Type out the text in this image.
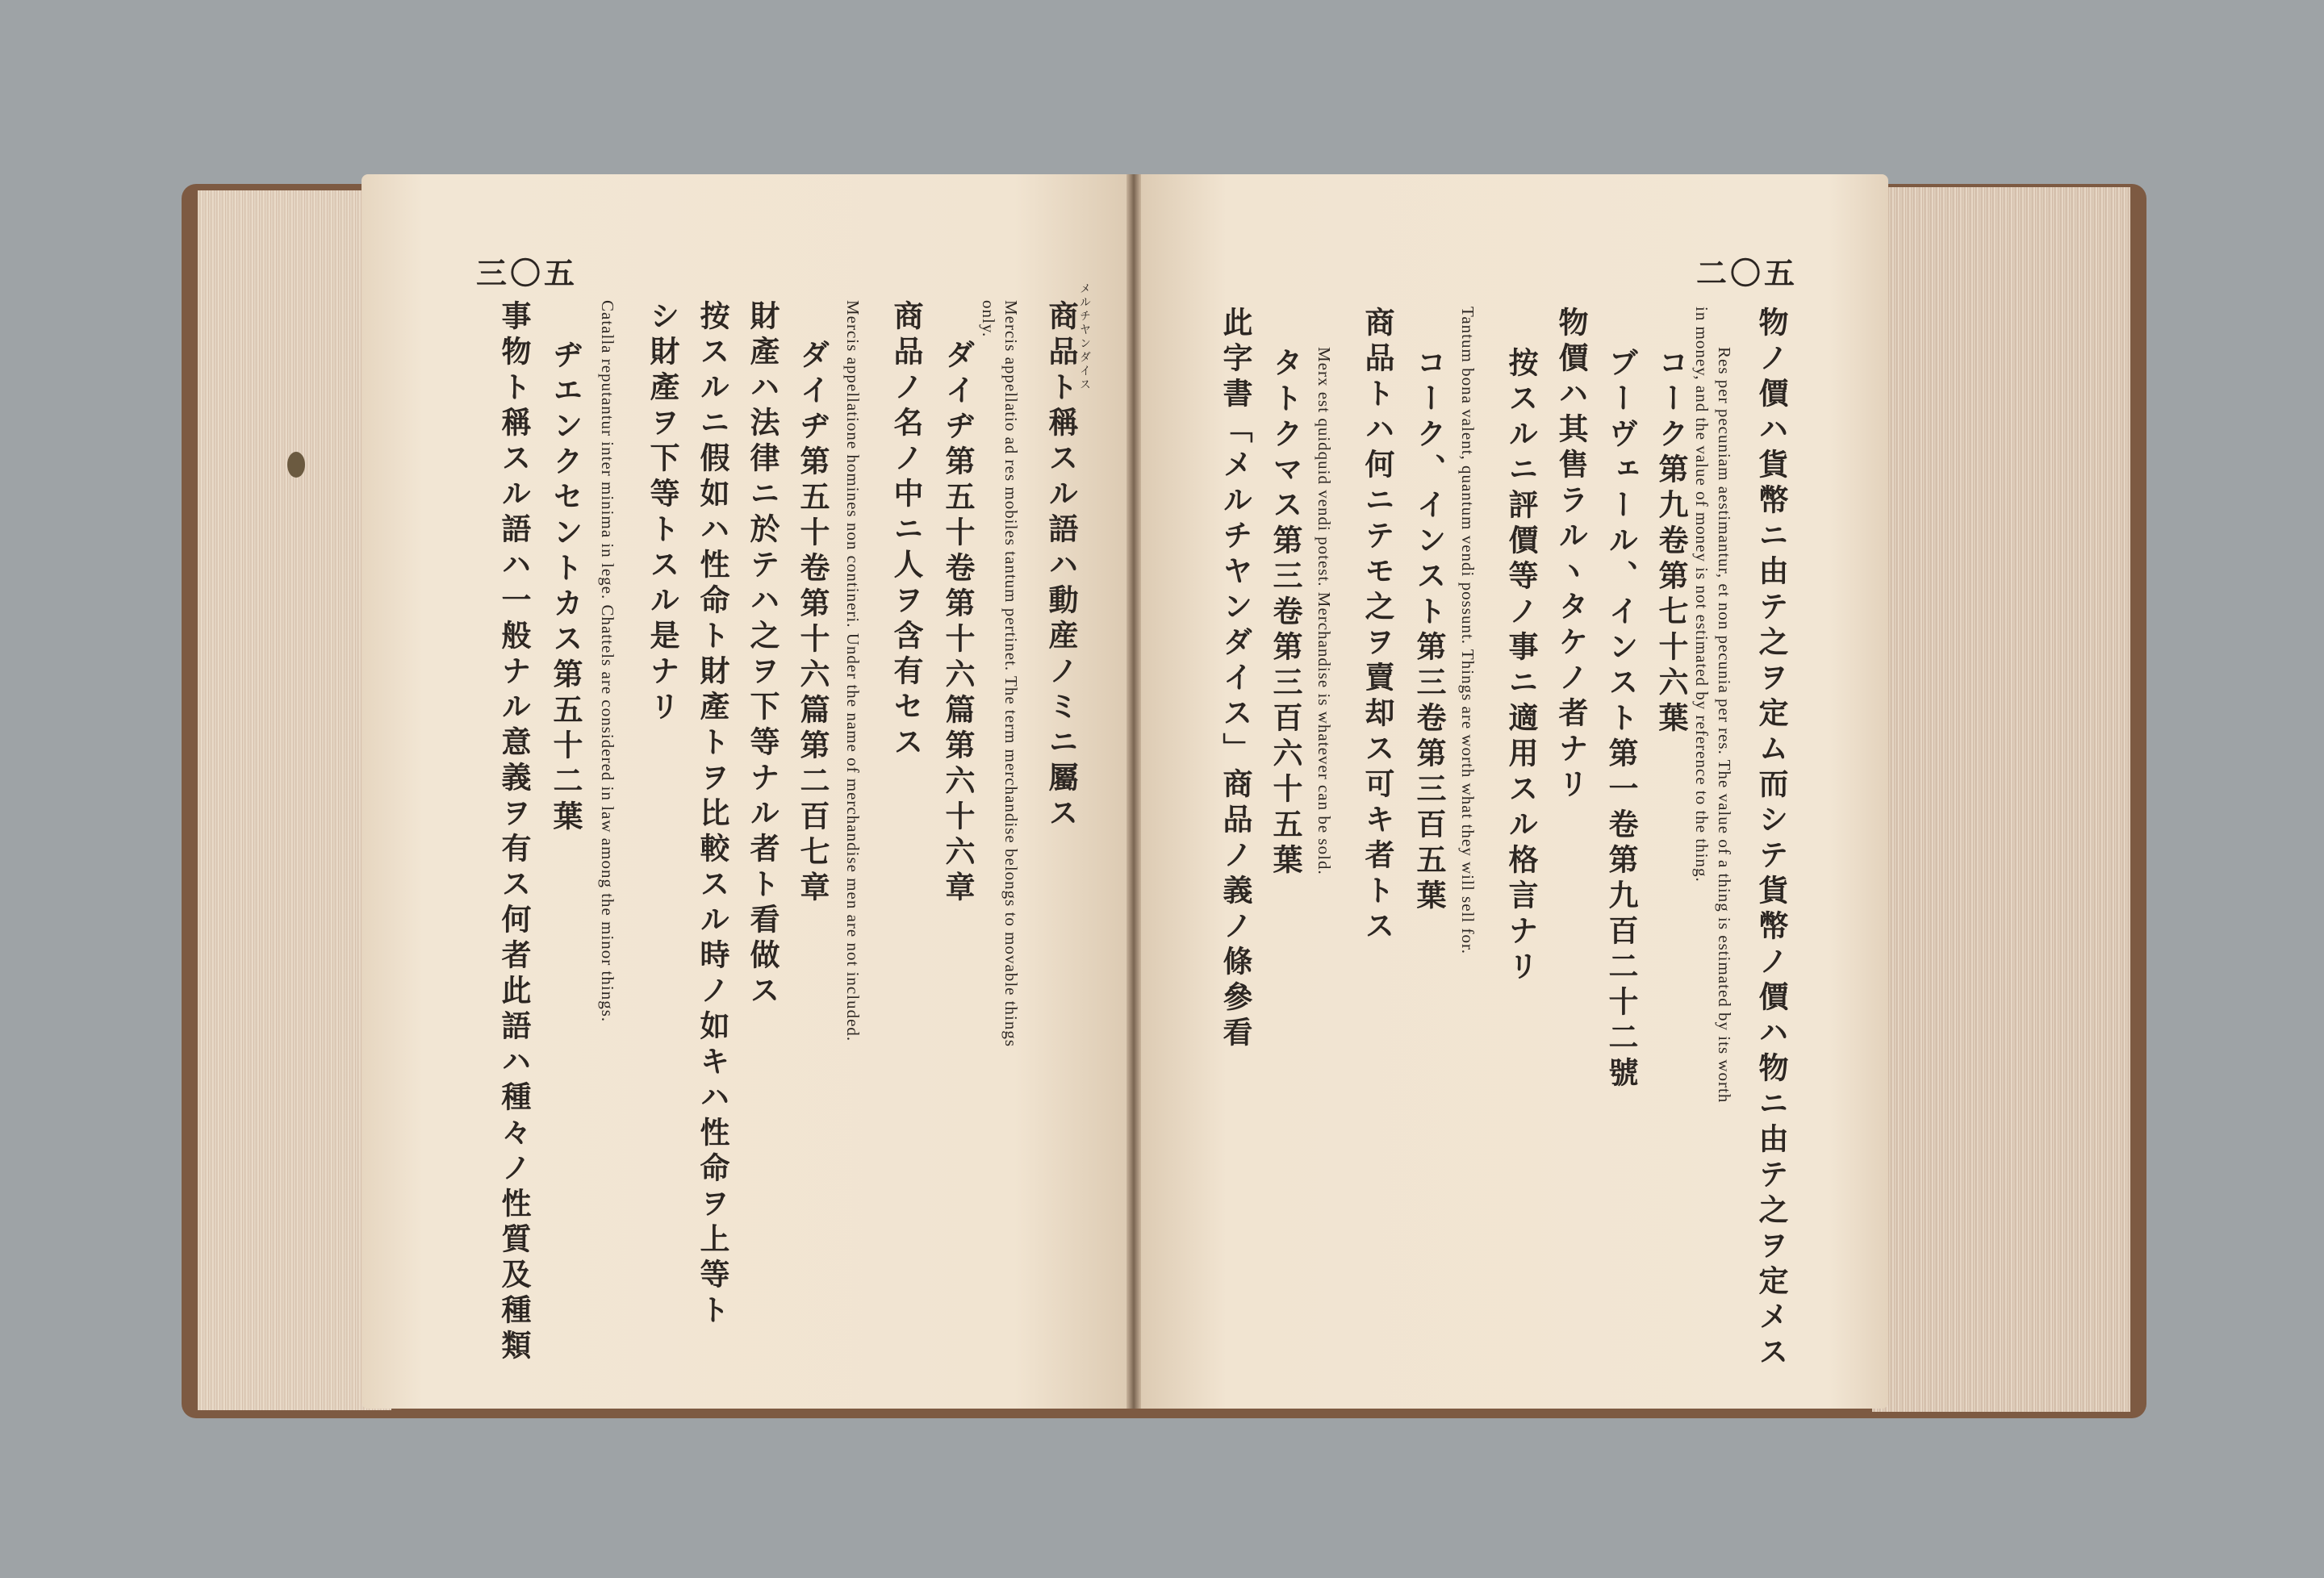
三〇五	二〇五
メルチヤンダイス
商品ト稱スル語ハ動産ノミニ屬ス
Mercis appellatio ad res mobiles tantum pertinet. The term merchandise belongs to movable things
only.
ダイヂ第五十卷第十六篇第六十六章
商品ノ名ノ中ニ人ヲ含有セス
Mercis appellatione homines non contineri. Under the name of merchandise men are not included.
ダイヂ第五十卷第十六篇第二百七章
財產ハ法律ニ於テハ之ヲ下等ナル者ト看做ス
按スルニ假如ハ性命ト財產トヲ比較スル時ノ如キハ性命ヲ上等ト
シ財產ヲ下等トスル是ナリ
Catalla reputantur inter minima in lege. Chattels are considered in law among the minor things.
ヂエンクセントカス第五十二葉
事物ト稱スル語ハ一般ナル意義ヲ有ス何者此語ハ種々ノ性質及種類	物ノ價ハ貨幣ニ由テ之ヲ定ム而シテ貨幣ノ價ハ物ニ由テ之ヲ定メス
Res per pecuniam aestimantur, et non pecunia per res. The value of a thing is estimated by its worth
in money, and the value of money is not estimated by reference to the thing.
コーク第九卷第七十六葉
ブーヴェール、インスト第一卷第九百二十二號
物價ハ其售ラルヽタケノ者ナリ
按スルニ評價等ノ事ニ適用スル格言ナリ
Tantum bona valent, quantum vendi possunt. Things are worth what they will sell for.
コーク、インスト第三卷第三百五葉
商品トハ何ニテモ之ヲ賣却ス可キ者トス
Merx est quidquid vendi potest. Merchandise is whatever can be sold.
タトクマス第三卷第三百六十五葉
此字書「メルチヤンダイス」商品ノ義ノ條參看
